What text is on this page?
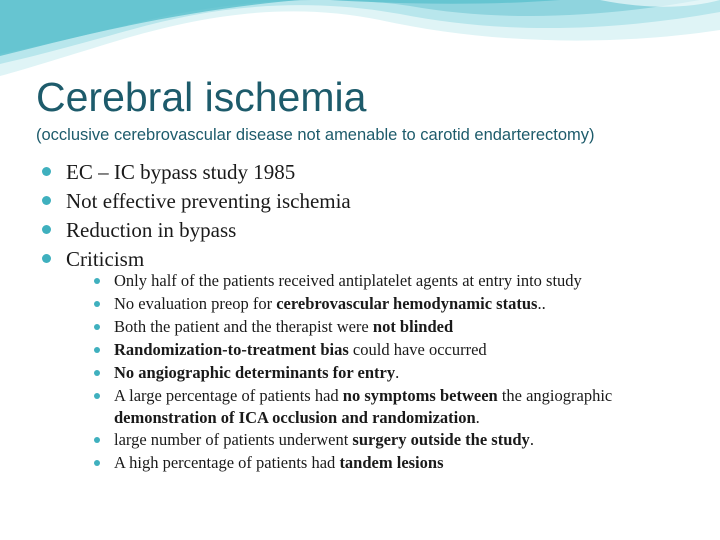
Cerebral ischemia

(occlusive cerebrovascular disease not amenable to carotid endarterectomy)

EC – IC bypass study 1985
Not effective preventing ischemia
Reduction in bypass
Criticism
Only half of the patients received antiplatelet agents at entry into study
No evaluation preop for cerebrovascular hemodynamic status..
Both the patient and the therapist were not blinded
Randomization-to-treatment bias could have occurred
No angiographic determinants for entry.
A large percentage of patients had no symptoms between the angiographic demonstration of ICA occlusion and randomization.
large number of patients underwent surgery outside the study.
A high percentage of patients had tandem lesions
